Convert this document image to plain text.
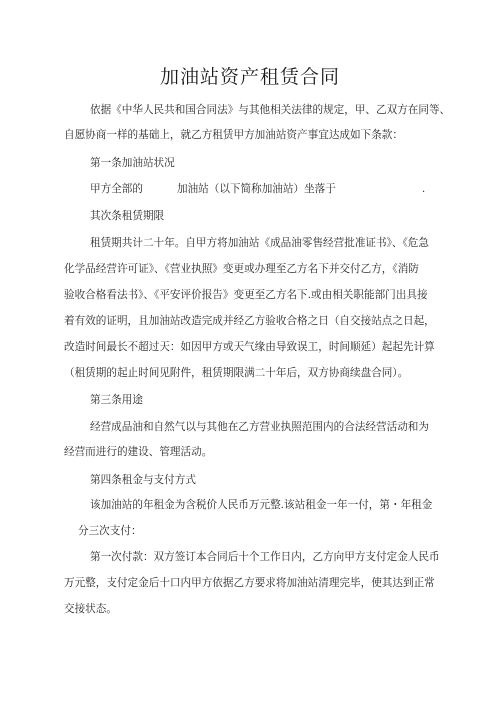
加油站资产租赁合同
依据《中华人民共和国合同法》与其他相关法律的规定，甲、乙双方在同等、
自愿协商一样的基础上，就乙方租赁甲方加油站资产事宜达成如下条款：
第一条加油站状况
甲方全部的	加油站（以下简称加油站）坐落于	.
其次条租赁期限
租赁期共计二十年。自甲方将加油站《成品油零售经营批准证书》、《危急
化学品经营许可证》、《营业执照》变更或办理至乙方名下并交付乙方，《消防
验收合格看法书》、《平安评价报告》变更至乙方名下.或由相关职能部门出具接
着有效的证明，且加油站改造完成并经乙方验收合格之日（自交接站点之日起，
改造时间最长不超过天：如因甲方或天气缘由导致误工，时间顺延）起起先计算
（租赁期的起止时间见附件，租赁期限满二十年后，双方协商续盘合同）。
第三条用途
经营成品油和自然气以与其他在乙方营业执照范围内的合法经营活动和为
经营而进行的建设、管理活动。
第四条租金与支付方式
该加油站的年租金为含税价人民币万元整.该站租金一年一付，第・年租金
分三次支付：
第一次付款：双方签订本合同后十个工作日内，乙方向甲方支付定金人民币
万元整，支付定金后十口内甲方依据乙方要求将加油站清理完毕，使其达到正常
交接状态。
